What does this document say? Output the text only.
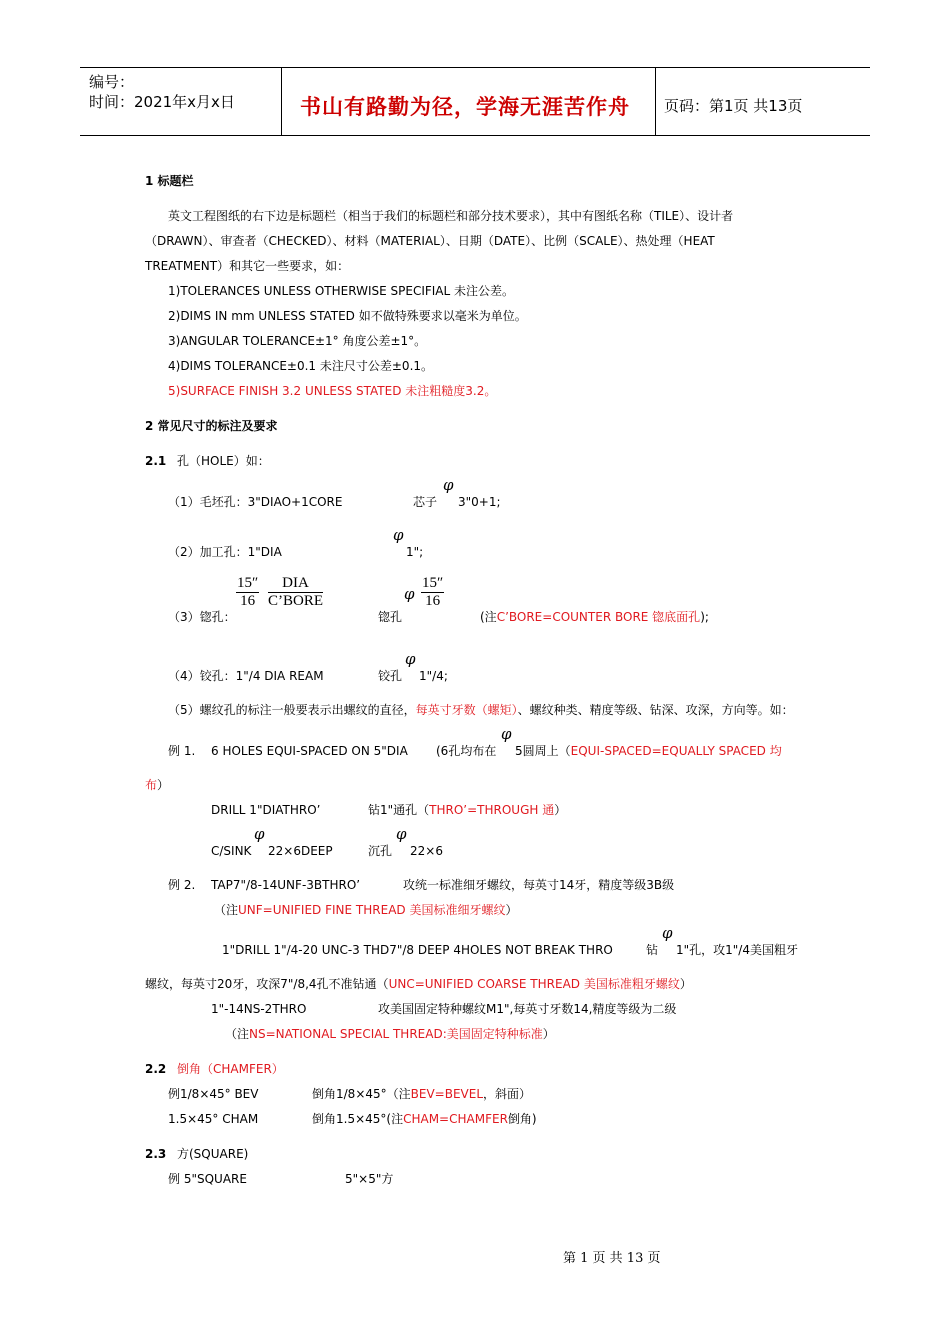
编号：
时间：2021年x月x日	书山有路勤为径，学海无涯苦作舟 页码：第1页 共13页
1 标题栏
英文工程图纸的右下边是标题栏（相当于我们的标题栏和部分技术要求），其中有图纸名称（TILE）、设计者
（DRAWN）、审查者（CHECKED）、材料（MATERIAL）、日期（DATE）、比例（SCALE）、热处理（HEAT
TREATMENT）和其它一些要求，如：
1)TOLERANCES UNLESS OTHERWISE SPECIFIAL 未注公差。
2)DIMS IN mm UNLESS STATED 如不做特殊要求以毫米为单位。
3)ANGULAR TOLERANCE±1° 角度公差±1°。
4)DIMS TOLERANCE±0.1 未注尺寸公差±0.1。
5)SURFACE FINISH 3.2 UNLESS STATED 未注粗糙度3.2。
2 常见尺寸的标注及要求
2.1 孔（HOLE）如：
φ
（1）毛坯孔：3"DIAO+1CORE	芯子 3"0+1;
φ
（2）加工孔：1"DIA	1";
$\frac{15''}{16}$	DIA
C’BORE	φ $\frac{15''}{16}$
（3）锪孔：	锪孔	(注C’BORE=COUNTER BORE 锪底面孔);
φ
（4）铰孔：1"/4 DIA REAM	铰孔 1"/4;
（5）螺纹孔的标注一般要表示出螺纹的直径，每英寸牙数（螺矩）、螺纹种类、精度等级、钻深、攻深，方向等。如：
φ
例 1. 6 HOLES EQUI-SPACED ON 5"DIA (6孔均布在 5圆周上（EQUI-SPACED=EQUALLY SPACED 均
布）
DRILL 1"DIATHRO’	钻1"通孔（THRO’=THROUGH 通）
φ	φ
C/SINK 22×6DEEP	沉孔 22×6
例 2. TAP7"/8-14UNF-3BTHRO’	攻统一标准细牙螺纹，每英寸14牙，精度等级3B级
（注UNF=UNIFIED FINE THREAD 美国标准细牙螺纹）
φ
1"DRILL 1"/4-20 UNC-3 THD7"/8 DEEP 4HOLES NOT BREAK THRO	钻 1"孔，攻1"/4美国粗牙
螺纹，每英寸20牙，攻深7"/8,4孔不准钻通（UNC=UNIFIED COARSE THREAD 美国标准粗牙螺纹）
1"-14NS-2THRO	攻美国固定特种螺纹M1",每英寸牙数14,精度等级为二级
（注NS=NATIONAL SPECIAL THREAD:美国固定特种标准）
2.2 倒角（CHAMFER）
例1/8×45° BEV	倒角1/8×45°（注BEV=BEVEL，斜面）
1.5×45° CHAM	倒角1.5×45°(注CHAM=CHAMFER倒角)
2.3 方(SQUARE)
例 5"SQUARE	5"×5"方
第 1 页 共 13 页
